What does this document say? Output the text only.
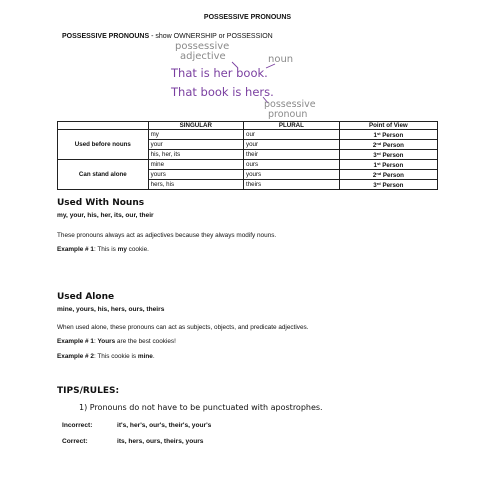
POSSESSIVE PRONOUNS
POSSESSIVE PRONOUNS - show OWNERSHIP or POSSESSION
possessive
adjective	noun
That is her book.
That book is hers.
possessive
pronoun
	SINGULAR	PLURAL	Point of View
Used before nouns	my	our	1st Person
	your	your	2nd Person
	his, her, its	their	3rd Person
Can stand alone	mine	ours	1st Person
	yours	yours	2nd Person
	hers, his	theirs	3rd Person
Used With Nouns
my, your, his, her, its, our, their
These pronouns always act as adjectives because they always modify nouns.
Example # 1: This is my cookie.
Used Alone
mine, yours, his, hers, ours, theirs
When used alone, these pronouns can act as subjects, objects, and predicate adjectives.
Example # 1: Yours are the best cookies!
Example # 2: This cookie is mine.
TIPS/RULES:
1) Pronouns do not have to be punctuated with apostrophes.
Incorrect:	it's, her's, our's, their's, your's
Correct:	its, hers, ours, theirs, yours
